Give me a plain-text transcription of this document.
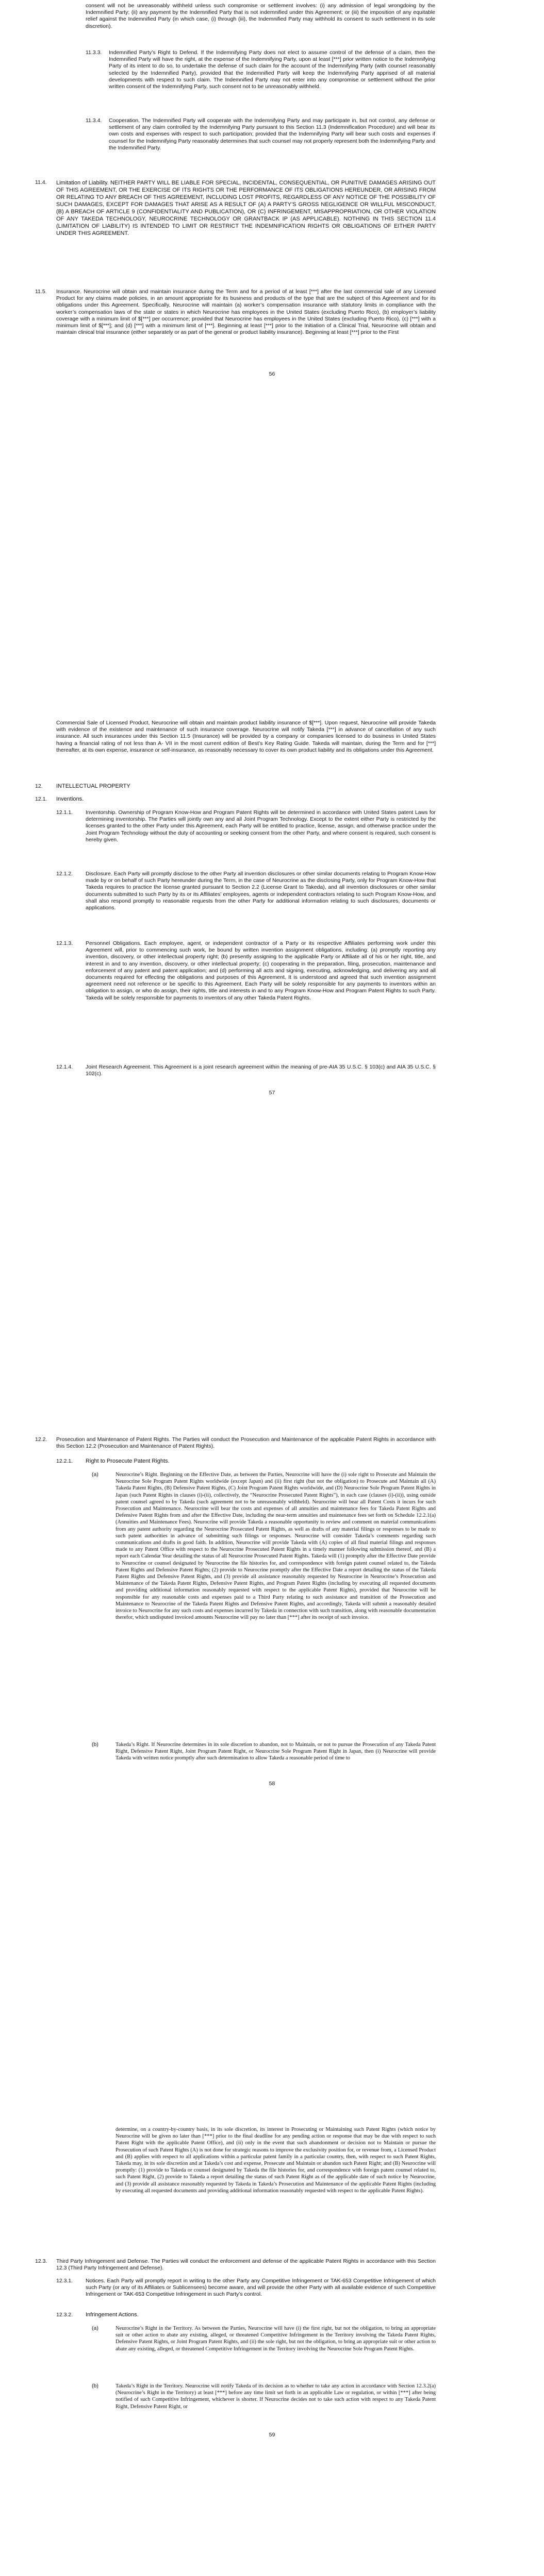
consent will not be unreasonably withheld unless such compromise or settlement involves: (i) any admission of legal wrongdoing by the Indemnified Party; (ii) any payment by the Indemnified Party that is not indemnified under this Agreement; or (iii) the imposition of any equitable relief against the Indemnified Party (in which case, (i) through (iii), the Indemnified Party may withhold its consent to such settlement in its sole discretion).
11.3.3. Indemnified Party’s Right to Defend. If the Indemnifying Party does not elect to assume control of the defense of a claim, then the Indemnified Party will have the right, at the expense of the Indemnifying Party, upon at least [***] prior written notice to the Indemnifying Party of its intent to do so, to undertake the defense of such claim for the account of the Indemnifying Party (with counsel reasonably selected by the Indemnified Party), provided that the Indemnified Party will keep the Indemnifying Party apprised of all material developments with respect to such claim. The Indemnified Party may not enter into any compromise or settlement without the prior written consent of the Indemnifying Party, such consent not to be unreasonably withheld.
11.3.4. Cooperation. The Indemnified Party will cooperate with the Indemnifying Party and may participate in, but not control, any defense or settlement of any claim controlled by the Indemnifying Party pursuant to this Section 11.3 (Indemnification Procedure) and will bear its own costs and expenses with respect to such participation; provided that the Indemnifying Party will bear such costs and expenses if counsel for the Indemnifying Party reasonably determines that such counsel may not properly represent both the Indemnifying Party and the Indemnified Party.
11.4. Limitation of Liability. NEITHER PARTY WILL BE LIABLE FOR SPECIAL, INCIDENTAL, CONSEQUENTIAL, OR PUNITIVE DAMAGES ARISING OUT OF THIS AGREEMENT, OR THE EXERCISE OF ITS RIGHTS OR THE PERFORMANCE OF ITS OBLIGATIONS HEREUNDER, OR ARISING FROM OR RELATING TO ANY BREACH OF THIS AGREEMENT, INCLUDING LOST PROFITS, REGARDLESS OF ANY NOTICE OF THE POSSIBILITY OF SUCH DAMAGES, EXCEPT FOR DAMAGES THAT ARISE AS A RESULT OF (A) A PARTY’S GROSS NEGLIGENCE OR WILLFUL MISCONDUCT, (B) A BREACH OF ARTICLE 9 (CONFIDENTIALITY AND PUBLICATION), OR (C) INFRINGEMENT, MISAPPROPRIATION, OR OTHER VIOLATION OF ANY TAKEDA TECHNOLOGY, NEUROCRINE TECHNOLOGY OR GRANTBACK IP (AS APPLICABLE). NOTHING IN THIS SECTION 11.4 (LIMITATION OF LIABILITY) IS INTENDED TO LIMIT OR RESTRICT THE INDEMNIFICATION RIGHTS OR OBLIGATIONS OF EITHER PARTY UNDER THIS AGREEMENT.
11.5. Insurance. Neurocrine will obtain and maintain insurance during the Term and for a period of at least [***] after the last commercial sale of any Licensed Product for any claims made policies, in an amount appropriate for its business and products of the type that are the subject of this Agreement and for its obligations under this Agreement. Specifically, Neurocrine will maintain (a) worker’s compensation insurance with statutory limits in compliance with the worker’s compensation laws of the state or states in which Neurocrine has employees in the United States (excluding Puerto Rico), (b) employer’s liability coverage with a minimum limit of $[***] per occurrence; provided that Neurocrine has employees in the United States (excluding Puerto Rico), (c) [***] with a minimum limit of $[***]; and (d) [***] with a minimum limit of [***]. Beginning at least [***] prior to the Initiation of a Clinical Trial, Neurocrine will obtain and maintain clinical trial insurance (either separately or as part of the general or product liability insurance). Beginning at least [***] prior to the First
56
Commercial Sale of Licensed Product, Neurocrine will obtain and maintain product liability insurance of $[***]. Upon request, Neurocrine will provide Takeda with evidence of the existence and maintenance of such insurance coverage. Neurocrine will notify Takeda [***] in advance of cancellation of any such insurance. All such insurances under this Section 11.5 (Insurance) will be provided by a company or companies licensed to do business in United States having a financial rating of not less than A- VII in the most current edition of Best’s Key Rating Guide. Takeda will maintain, during the Term and for [***] thereafter, at its own expense, insurance or self-insurance, as reasonably necessary to cover its own product liability and its obligations under this Agreement.
12. INTELLECTUAL PROPERTY
12.1. Inventions.
12.1.1. Inventorship. Ownership of Program Know-How and Program Patent Rights will be determined in accordance with United States patent Laws for determining inventorship. The Parties will jointly own any and all Joint Program Technology. Except to the extent either Party is restricted by the licenses granted to the other Party under this Agreement, each Party will be entitled to practice, license, assign, and otherwise practice under the Joint Program Technology without the duty of accounting or seeking consent from the other Party, and where consent is required, such consent is hereby given.
12.1.2. Disclosure. Each Party will promptly disclose to the other Party all invention disclosures or other similar documents relating to Program Know-How made by or on behalf of such Party hereunder during the Term, in the case of Neurocrine as the disclosing Party, only for Program Know-How that Takeda requires to practice the license granted pursuant to Section 2.2 (License Grant to Takeda), and all invention disclosures or other similar documents submitted to such Party by its or its Affiliates’ employees, agents or independent contractors relating to such Program Know-How, and shall also respond promptly to reasonable requests from the other Party for additional information relating to such disclosures, documents or applications.
12.1.3. Personnel Obligations. Each employee, agent, or independent contractor of a Party or its respective Affiliates performing work under this Agreement will, prior to commencing such work, be bound by written invention assignment obligations, including: (a) promptly reporting any invention, discovery, or other intellectual property right; (b) presently assigning to the applicable Party or Affiliate all of his or her right, title, and interest in and to any invention, discovery, or other intellectual property; (c) cooperating in the preparation, filing, prosecution, maintenance and enforcement of any patent and patent application; and (d) performing all acts and signing, executing, acknowledging, and delivering any and all documents required for effecting the obligations and purposes of this Agreement. It is understood and agreed that such invention assignment agreement need not reference or be specific to this Agreement. Each Party will be solely responsible for any payments to inventors within an obligation to assign, or who do assign, their rights, title and interests in and to any Program Know-How and Program Patent Rights to such Party. Takeda will be solely responsible for payments to inventors of any other Takeda Patent Rights.
12.1.4. Joint Research Agreement. This Agreement is a joint research agreement within the meaning of pre-AIA 35 U.S.C. § 103(c) and AIA 35 U.S.C. § 102(c).
57
12.2. Prosecution and Maintenance of Patent Rights. The Parties will conduct the Prosecution and Maintenance of the applicable Patent Rights in accordance with this Section 12.2 (Prosecution and Maintenance of Patent Rights).
12.2.1. Right to Prosecute Patent Rights.
(a)	Neurocrine’s Right. Beginning on the Effective Date, as between the Parties, Neurocrine will have the (i) sole right to Prosecute and Maintain the Neurocrine Sole Program Patent Rights worldwide (except Japan) and (ii) first right (but not the obligation) to Prosecute and Maintain all (A) Takeda Patent Rights, (B) Defensive Patent Rights, (C) Joint Program Patent Rights worldwide, and (D) Neurocrine Sole Program Patent Rights in Japan (such Patent Rights in clauses (i)-(ii), collectively, the “Neurocrine Prosecuted Patent Rights”), in each case (clauses (i)-(ii)), using outside patent counsel agreed to by Takeda (such agreement not to be unreasonably withheld). Neurocrine will bear all Patent Costs it incurs for such Prosecution and Maintenance. Neurocrine will bear the costs and expenses of all annuities and maintenance fees for Takeda Patent Rights and Defensive Patent Rights from and after the Effective Date, including the near-term annuities and maintenance fees set forth on Schedule 12.2.1(a) (Annuities and Maintenance Fees). Neurocrine will provide Takeda a reasonable opportunity to review and comment on material communications from any patent authority regarding the Neurocrine Prosecuted Patent Rights, as well as drafts of any material filings or responses to be made to such patent authorities in advance of submitting such filings or responses. Neurocrine will consider Takeda’s comments regarding such communications and drafts in good faith. In addition, Neurocrine will provide Takeda with (A) copies of all final material filings and responses made to any Patent Office with respect to the Neurocrine Prosecuted Patent Rights in a timely manner following submission thereof, and (B) a report each Calendar Year detailing the status of all Neurocrine Prosecuted Patent Rights. Takeda will (1) promptly after the Effective Date provide to Neurocrine or counsel designated by Neurocrine the file histories for, and correspondence with foreign patent counsel related to, the Takeda Patent Rights and Defensive Patent Rights; (2) provide to Neurocrine promptly after the Effective Date a report detailing the status of the Takeda Patent Rights and Defensive Patent Rights, and (3) provide all assistance reasonably requested by Neurocrine in Neurocrine’s Prosecution and Maintenance of the Takeda Patent Rights, Defensive Patent Rights, and Program Patent Rights (including by executing all requested documents and providing additional information reasonably requested with respect to the applicable Patent Rights), provided that Neurocrine will be responsible for any reasonable costs and expenses paid to a Third Party relating to such assistance and transition of the Prosecution and Maintenance to Neurocrine of the Takeda Patent Rights and Defensive Patent Rights, and accordingly, Takeda will submit a reasonably detailed invoice to Neurocrine for any such costs and expenses incurred by Takeda in connection with such transition, along with reasonable documentation therefor, which undisputed invoiced amounts Neurocrine will pay no later than [***] after its receipt of such invoice.
(b)	Takeda’s Right. If Neurocrine determines in its sole discretion to abandon, not to Maintain, or not to pursue the Prosecution of any Takeda Patent Right, Defensive Patent Right, Joint Program Patent Right, or Neurocrine Sole Program Patent Right in Japan, then (i) Neurocrine will provide Takeda with written notice promptly after such determination to allow Takeda a reasonable period of time to
58
determine, on a country-by-country basis, in its sole discretion, its interest in Prosecuting or Maintaining such Patent Rights (which notice by Neurocrine will be given no later than [***] prior to the final deadline for any pending action or response that may be due with respect to such Patent Right with the applicable Patent Office), and (ii) only in the event that such abandonment or decision not to Maintain or pursue the Prosecution of such Patent Rights (A) is not done for strategic reasons to improve the exclusivity position for, or revenue from, a Licensed Product and (B) applies with respect to all applications within a particular patent family in a particular country, then, with respect to such Patent Rights, Takeda may, in its sole discretion and at Takeda’s cost and expense, Prosecute and Maintain or abandon such Patent Right; and (B) Neurocrine will promptly: (1) provide to Takeda or counsel designated by Takeda the file histories for, and correspondence with foreign patent counsel related to, such Patent Right, (2) provide to Takeda a report detailing the status of such Patent Right as of the applicable date of such notice by Neurocrine, and (3) provide all assistance reasonably requested by Takeda in Takeda’s Prosecution and Maintenance of the applicable Patent Rights (including by executing all requested documents and providing additional information reasonably requested with respect to the applicable Patent Rights).
12.3. Third Party Infringement and Defense. The Parties will conduct the enforcement and defense of the applicable Patent Rights in accordance with this Section 12.3 (Third Party Infringement and Defense).
12.3.1. Notices. Each Party will promptly report in writing to the other Party any Competitive Infringement or TAK-653 Competitive Infringement of which such Party (or any of its Affiliates or Sublicensees) become aware, and will provide the other Party with all available evidence of such Competitive Infringement or TAK-653 Competitive Infringement in such Party’s control.
12.3.2. Infringement Actions.
(a)	Neurocrine’s Right in the Territory. As between the Parties, Neurocrine will have (i) the first right, but not the obligation, to bring an appropriate suit or other action to abate any existing, alleged, or threatened Competitive Infringement in the Territory involving the Takeda Patent Rights, Defensive Patent Rights, or Joint Program Patent Rights, and (ii) the sole right, but not the obligation, to bring an appropriate suit or other action to abate any existing, alleged, or threatened Competitive Infringement in the Territory involving the Neurocrine Sole Program Patent Rights.
(b)	Takeda’s Right in the Territory. Neurocrine will notify Takeda of its decision as to whether to take any action in accordance with Section 12.3.2(a) (Neurocrine’s Right in the Territory) at least [***] before any time limit set forth in an applicable Law or regulation, or within [***] after being notified of such Competitive Infringement, whichever is shorter. If Neurocrine decides not to take such action with respect to any Takeda Patent Right, Defensive Patent Right, or
59
